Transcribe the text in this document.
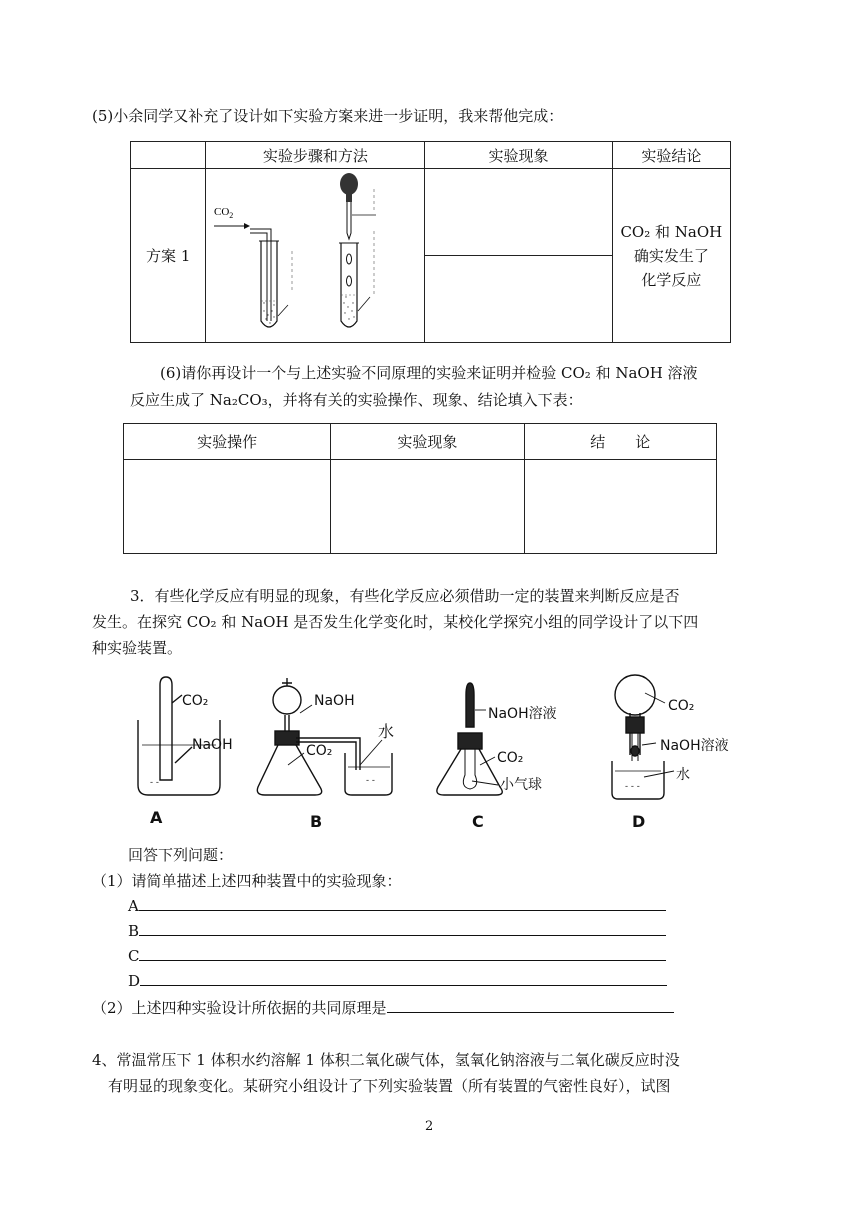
(5)小余同学又补充了设计如下实验方案来进一步证明，我来帮他完成：
	实验步骤和方法	实验现象	实验结论
方案 1	$CO_2$		CO₂ 和 NaOH
确实发生了
化学反应

(6)请你再设计一个与上述实验不同原理的实验来证明并检验 CO₂ 和 NaOH 溶液
反应生成了 Na₂CO₃，并将有关的实验操作、现象、结论填入下表：
实验操作	实验现象	结　　论

3．有些化学反应有明显的现象，有些化学反应必须借助一定的装置来判断反应是否
发生。在探究 CO₂ 和 NaOH 是否发生化学变化时，某校化学探究小组的同学设计了以下四
种实验装置。
- -	- -
- - -
CO₂
NaOH
A
NaOH
CO₂
水
B
NaOH溶液
CO₂
小气球
C
CO₂
NaOH溶液
水
D
回答下列问题：
（1）请简单描述上述四种装置中的实验现象：
A
B
C
D
（2）上述四种实验设计所依据的共同原理是
4、常温常压下 1 体积水约溶解 1 体积二氧化碳气体，氢氧化钠溶液与二氧化碳反应时没
有明显的现象变化。某研究小组设计了下列实验装置（所有装置的气密性良好），试图
2
